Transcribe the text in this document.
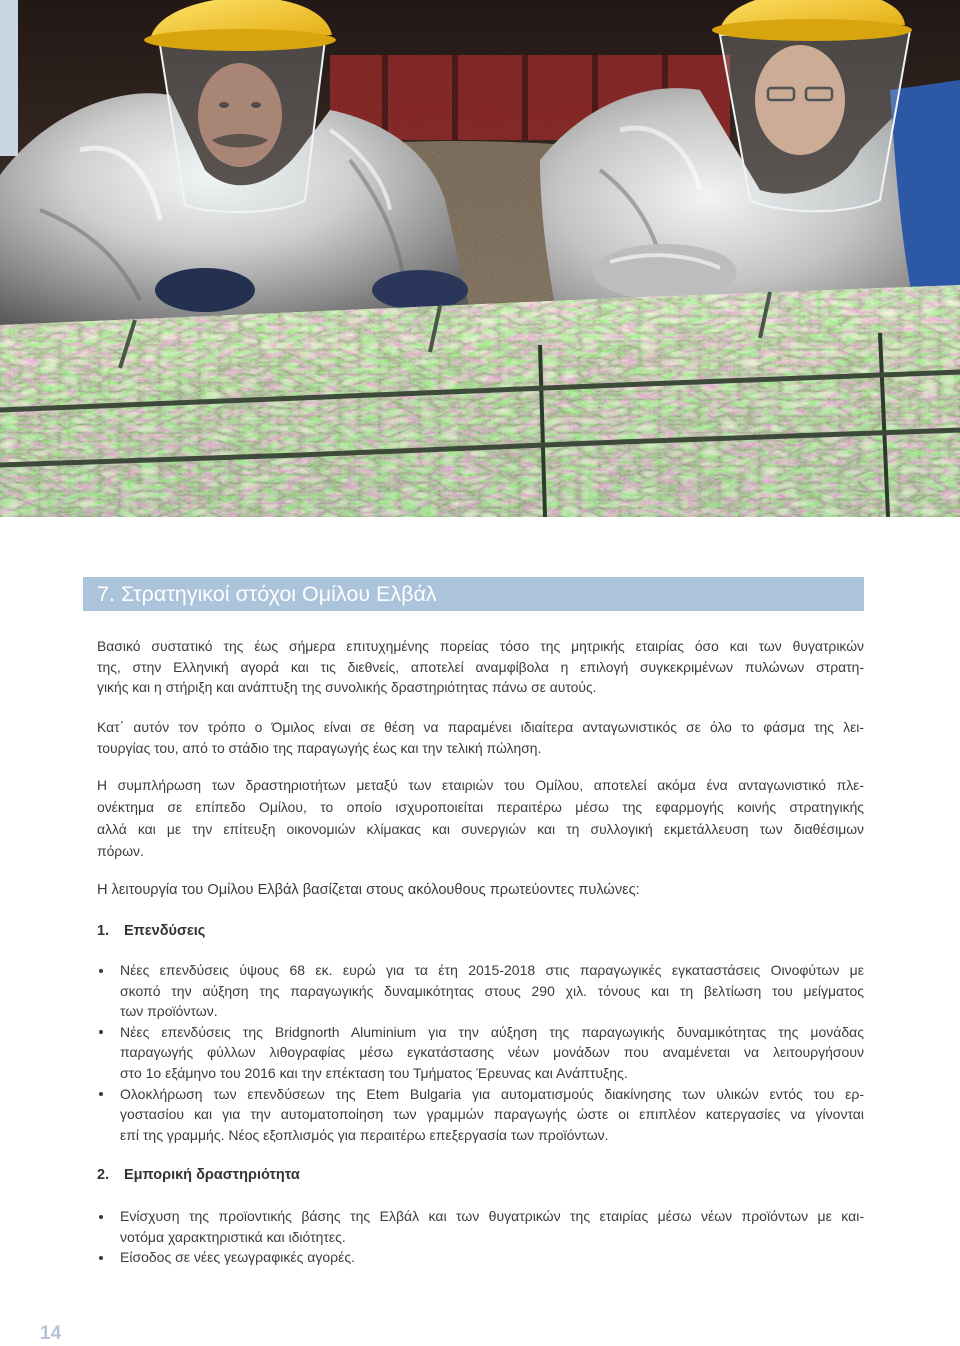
7. Στρατηγικοί στόχοι Ομίλου Ελβάλ
Βασικό συστατικό της έως σήμερα επιτυχημένης πορείας τόσο της μητρικής εταιρίας όσο και των θυγατρικών
της, στην Ελληνική αγορά και τις διεθνείς, αποτελεί αναμφίβολα η επιλογή συγκεκριμένων πυλώνων στρατη-
γικής και η στήριξη και ανάπτυξη της συνολικής δραστηριότητας πάνω σε αυτούς.
Κατ΄ αυτόν τον τρόπο ο Όμιλος είναι σε θέση να παραμένει ιδιαίτερα ανταγωνιστικός σε όλο το φάσμα της λει-
τουργίας του, από το στάδιο της παραγωγής έως και την τελική πώληση.
Η συμπλήρωση των δραστηριοτήτων μεταξύ των εταιριών του Ομίλου, αποτελεί ακόμα ένα ανταγωνιστικό πλε-
ονέκτημα σε επίπεδο Ομίλου, το οποίο ισχυροποιείται περαιτέρω μέσω της εφαρμογής κοινής στρατηγικής
αλλά και με την επίτευξη οικονομιών κλίμακας και συνεργιών και τη συλλογική εκμετάλλευση των διαθέσιμων
πόρων.
Η λειτουργία του Ομίλου Ελβάλ βασίζεται στους ακόλουθους πρωτεύοντες πυλώνες:
1. Επενδύσεις
Νέες επενδύσεις ύψους 68 εκ. ευρώ για τα έτη 2015-2018 στις παραγωγικές εγκαταστάσεις Οινοφύτων με
σκοπό την αύξηση της παραγωγικής δυναμικότητας στους 290 χιλ. τόνους και τη βελτίωση του μείγματος
των προϊόντων.
Νέες επενδύσεις της Bridgnorth Aluminium για την αύξηση της παραγωγικής δυναμικότητας της μονάδας
παραγωγής φύλλων λιθογραφίας μέσω εγκατάστασης νέων μονάδων που αναμένεται να λειτουργήσουν
στο 1ο εξάμηνο του 2016 και την επέκταση του Τμήματος Έρευνας και Ανάπτυξης.
Ολοκλήρωση των επενδύσεων της Etem Bulgaria για αυτοματισμούς διακίνησης των υλικών εντός του ερ-
γοστασίου και για την αυτοματοποίηση των γραμμών παραγωγής ώστε οι επιπλέον κατεργασίες να γίνονται
επί της γραμμής. Νέος εξοπλισμός για περαιτέρω επεξεργασία των προϊόντων.
2. Εμπορική δραστηριότητα
Ενίσχυση της προϊοντικής βάσης της Ελβάλ και των θυγατρικών της εταιρίας μέσω νέων προϊόντων με και-
νοτόμα χαρακτηριστικά και ιδιότητες.
Είσοδος σε νέες γεωγραφικές αγορές.
14
